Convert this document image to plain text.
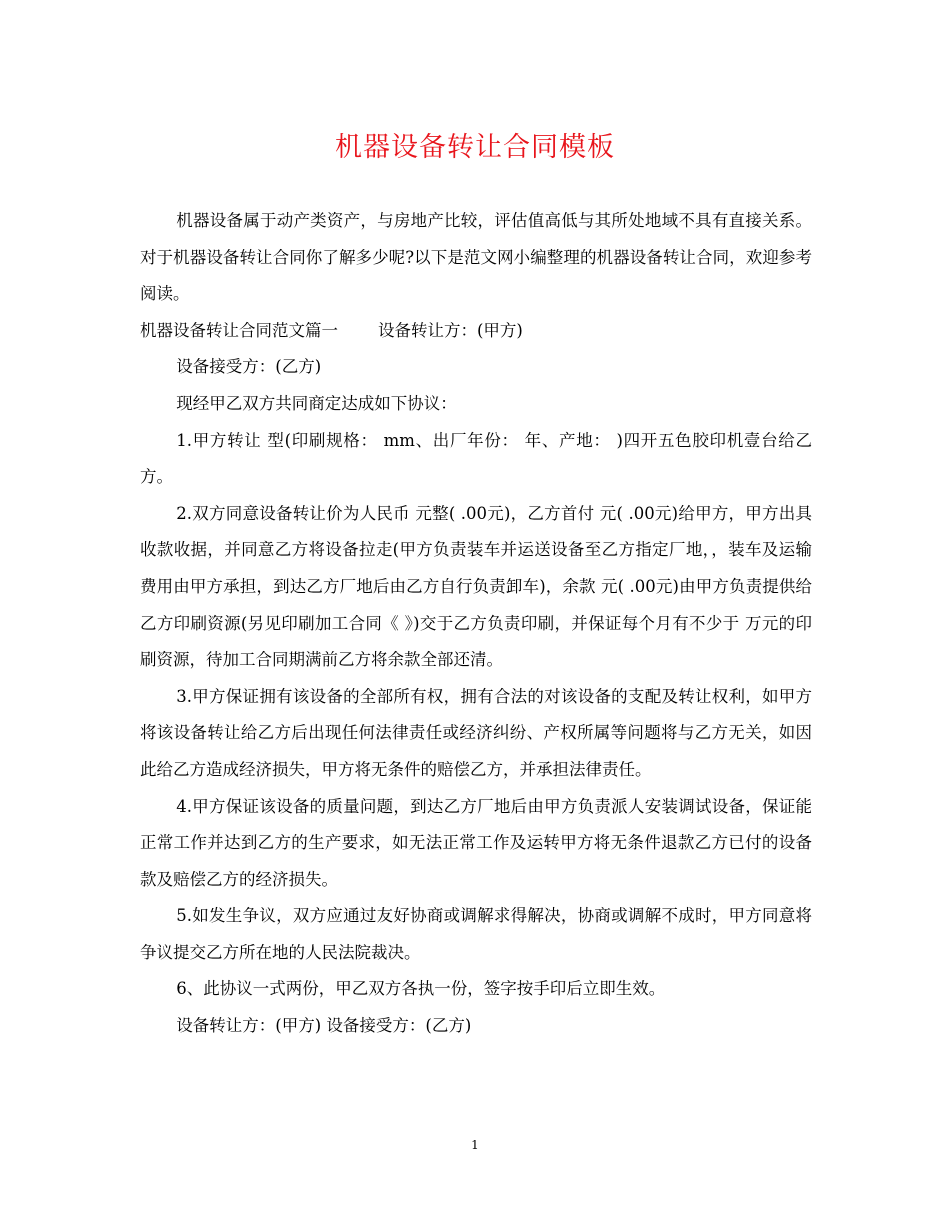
机器设备转让合同模板

机器设备属于动产类资产，与房地产比较，评估值高低与其所处地域不具有直接关系。对于机器设备转让合同你了解多少呢?以下是范文网小编整理的机器设备转让合同，欢迎参考阅读。

机器设备转让合同范文篇一 设备转让方：(甲方)

设备接受方：(乙方)

现经甲乙双方共同商定达成如下协议：

1.甲方转让 型(印刷规格： mm、出厂年份： 年、产地： )四开五色胶印机壹台给乙方。

2.双方同意设备转让价为人民币 元整( .00元)，乙方首付 元( .00元)给甲方，甲方出具收款收据，并同意乙方将设备拉走(甲方负责装车并运送设备至乙方指定厂地，，装车及运输费用由甲方承担，到达乙方厂地后由乙方自行负责卸车)，余款 元( .00元)由甲方负责提供给乙方印刷资源(另见印刷加工合同《 》)交于乙方负责印刷，并保证每个月有不少于 万元的印刷资源，待加工合同期满前乙方将余款全部还清。

3.甲方保证拥有该设备的全部所有权，拥有合法的对该设备的支配及转让权利，如甲方将该设备转让给乙方后出现任何法律责任或经济纠纷、产权所属等问题将与乙方无关，如因此给乙方造成经济损失，甲方将无条件的赔偿乙方，并承担法律责任。

4.甲方保证该设备的质量问题，到达乙方厂地后由甲方负责派人安装调试设备，保证能正常工作并达到乙方的生产要求，如无法正常工作及运转甲方将无条件退款乙方已付的设备款及赔偿乙方的经济损失。

5.如发生争议，双方应通过友好协商或调解求得解决，协商或调解不成时，甲方同意将争议提交乙方所在地的人民法院裁决。

6、此协议一式两份，甲乙双方各执一份，签字按手印后立即生效。

设备转让方：(甲方) 设备接受方：(乙方)

1
